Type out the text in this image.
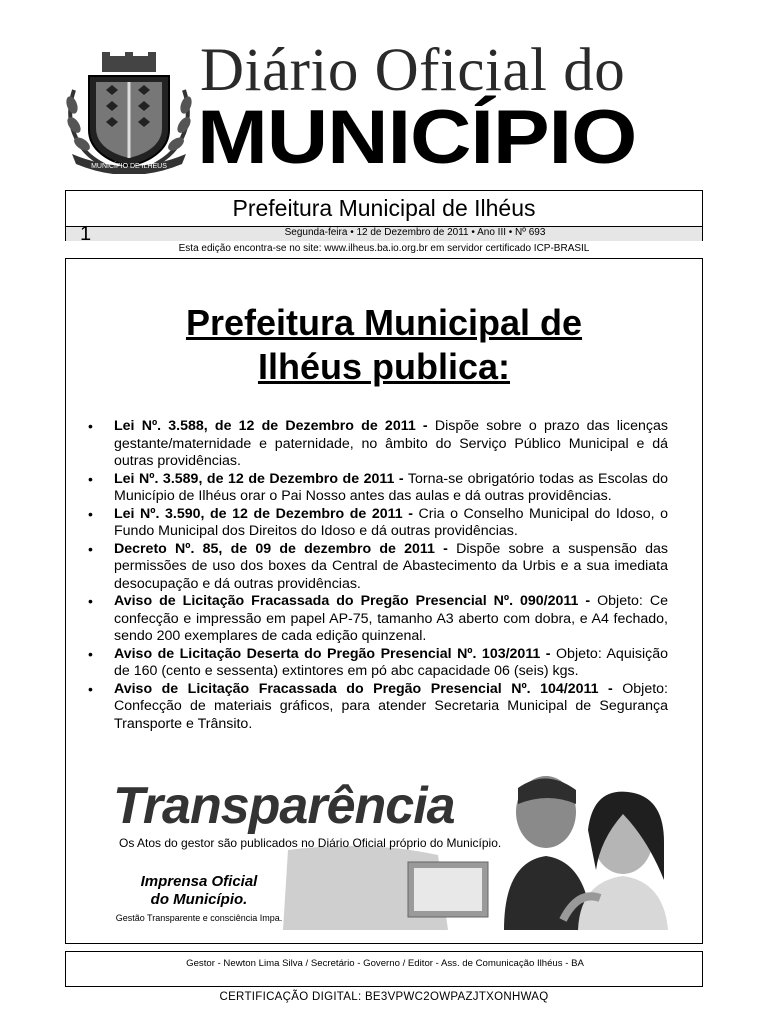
MUNICÍPIO DE ILHÉUS
Diário Oficial do
MUNICÍPIO
Prefeitura Municipal de Ilhéus
1	Segunda-feira • 12 de Dezembro de 2011 • Ano III • Nº 693
Esta edição encontra-se no site: www.ilheus.ba.io.org.br em servidor certificado ICP-BRASIL
Prefeitura Municipal de
Ilhéus publica:
• Lei Nº. 3.588, de 12 de Dezembro de 2011 - Dispõe sobre o prazo das licenças gestante/maternidade e paternidade, no âmbito do Serviço Público Municipal e dá outras providências.
• Lei Nº. 3.589, de 12 de Dezembro de 2011 - Torna-se obrigatório todas as Escolas do Município de Ilhéus orar o Pai Nosso antes das aulas e dá outras providências.
• Lei Nº. 3.590, de 12 de Dezembro de 2011 - Cria o Conselho Municipal do Idoso, o Fundo Municipal dos Direitos do Idoso e dá outras providências.
• Decreto Nº. 85, de 09 de dezembro de 2011 - Dispõe sobre a suspensão das permissões de uso dos boxes da Central de Abastecimento da Urbis e a sua imediata desocupação e dá outras providências.
• Aviso de Licitação Fracassada do Pregão Presencial Nº. 090/2011 - Objeto: Ce confecção e impressão em papel AP-75, tamanho A3 aberto com dobra, e A4 fechado, sendo 200 exemplares de cada edição quinzenal.
• Aviso de Licitação Deserta do Pregão Presencial Nº. 103/2011 - Objeto: Aquisição de 160 (cento e sessenta) extintores em pó abc capacidade 06 (seis) kgs.
• Aviso de Licitação Fracassada do Pregão Presencial Nº. 104/2011 - Objeto: Confecção de materiais gráficos, para atender Secretaria Municipal de Segurança Transporte e Trânsito.
Transparência
Os Atos do gestor são publicados no Diário Oficial próprio do Município.
Imprensa Oficial
do Município.
Gestão Transparente e consciência Impa.
Gestor - Newton Lima Silva / Secretário - Governo / Editor - Ass. de Comunicação Ilhéus - BA
CERTIFICAÇÃO DIGITAL: BE3VPWC2OWPAZJTXONHWAQ
